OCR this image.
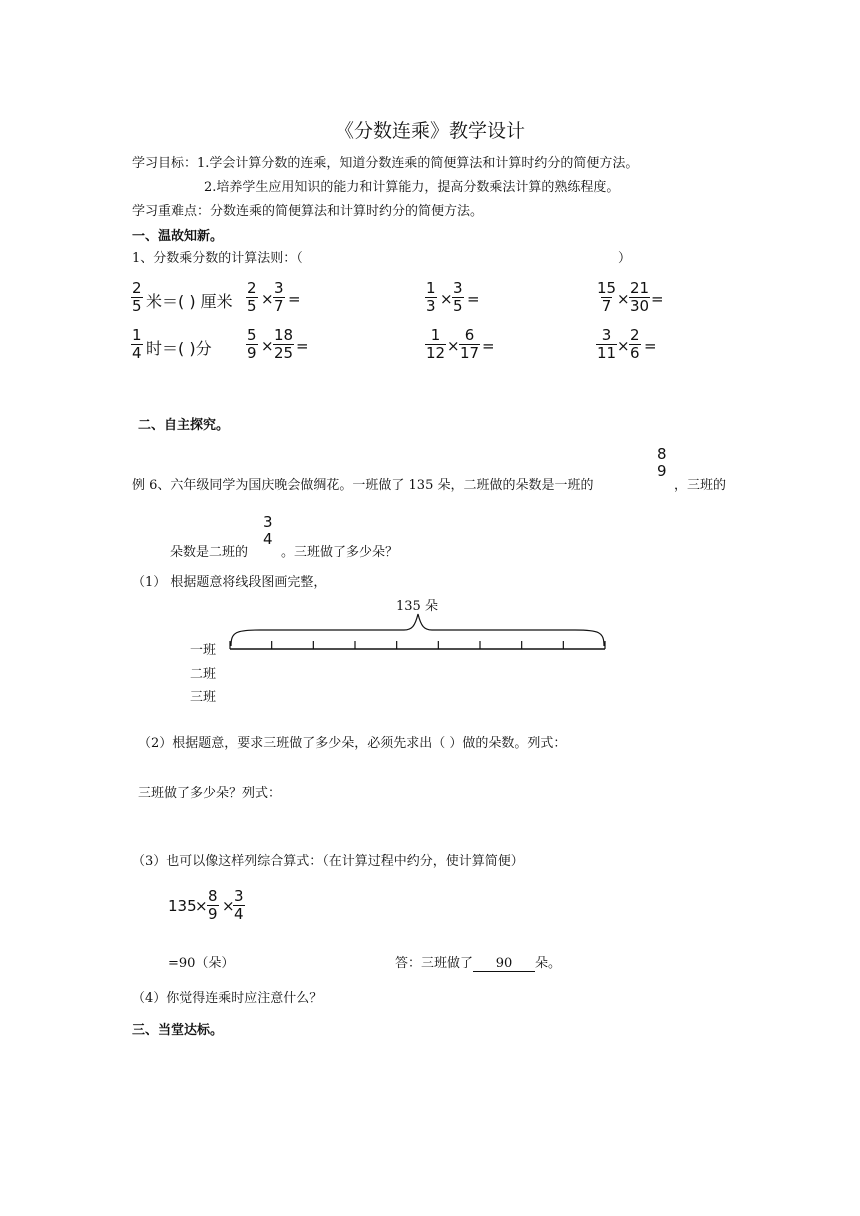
《分数连乘》教学设计
学习目标：1.学会计算分数的连乘，知道分数连乘的简便算法和计算时约分的简便方法。
2.培养学生应用知识的能力和计算能力，提高分数乘法计算的熟练程度。
学习重难点：分数连乘的简便算法和计算时约分的简便方法。
一、温故知新。
1、分数乘分数的计算法则：（	）
$\frac{2}{5}$ 米＝( ) 厘米 $\frac{2}{5} \times \frac{3}{7}$ =	$\frac{1}{3} \times \frac{3}{5}$ =	$\frac{15}{7} \times \frac{21}{30}$ =
$\frac{1}{4}$ 时＝( )分 $\frac{5}{9} \times \frac{18}{25}$ =	$\frac{1}{12} \times \frac{6}{17}$ =	$\frac{3}{11} \times \frac{2}{6}$ =
二、自主探究。
例 6、六年级同学为国庆晚会做绸花。一班做了 135 朵，二班做的朵数是一班的
8
9
，三班的
朵数是二班的
3
4
。三班做了多少朵？
（1） 根据题意将线段图画完整，
135 朵
一班
二班
三班
（2）根据题意，要求三班做了多少朵，必须先求出（ ）做的朵数。列式：
三班做了多少朵？列式：
（3）也可以像这样列综合算式：（在计算过程中约分，使计算简便）
135
× $\frac{8}{9}$ ×
$\frac{3}{4}$
=90（朵）	答：三班做了 90 朵。
（4）你觉得连乘时应注意什么？
三、当堂达标。
